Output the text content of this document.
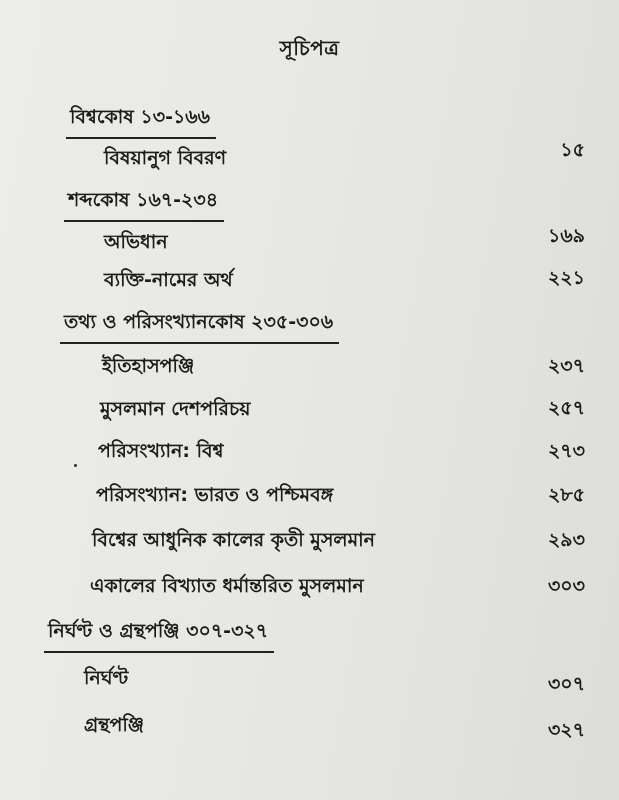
সূচিপত্র
বিশ্বকোষ ১৩-১৬৬
বিষয়ানুগ বিবরণ	১৫
শব্দকোষ ১৬৭-২৩৪
অভিধান	১৬৯
ব্যক্তি-নামের অর্থ	২২১
তথ্য ও পরিসংখ্যানকোষ ২৩৫-৩০৬
ইতিহাসপঞ্জি	২৩৭
মুসলমান দেশপরিচয়	২৫৭
পরিসংখ্যান: বিশ্ব	২৭৩
পরিসংখ্যান: ভারত ও পশ্চিমবঙ্গ	২৮৫
বিশ্বের আধুনিক কালের কৃতী মুসলমান	২৯৩
একালের বিখ্যাত ধর্মান্তরিত মুসলমান	৩০৩
নির্ঘণ্ট ও গ্রন্থপঞ্জি ৩০৭-৩২৭
নির্ঘণ্ট	৩০৭
গ্রন্থপঞ্জি	৩২৭
